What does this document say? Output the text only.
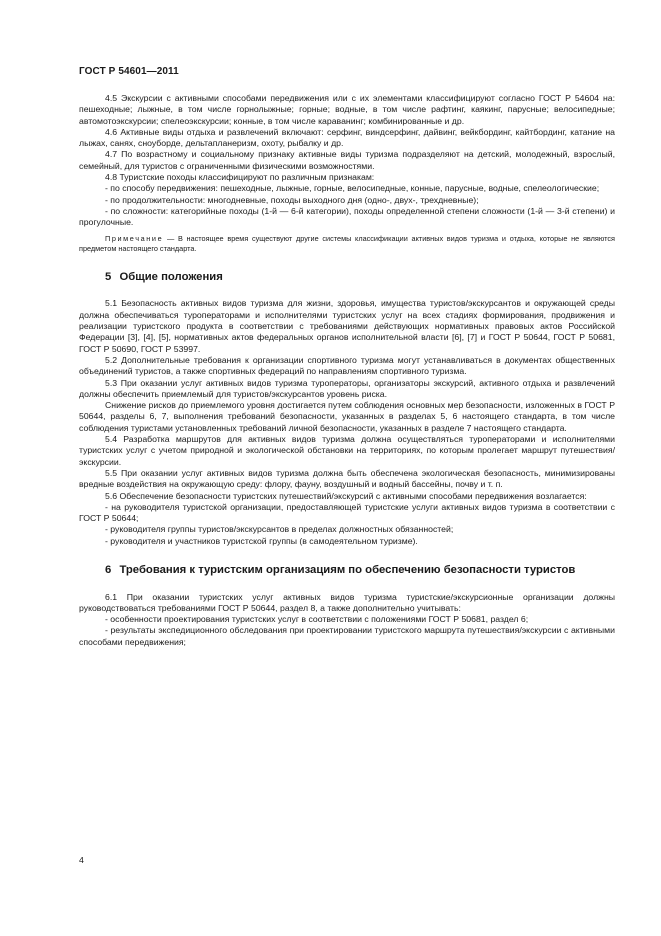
ГОСТ Р 54601—2011

4.5 Экскурсии с активными способами передвижения или с их элементами классифицируют согласно ГОСТ Р 54604 на: пешеходные; лыжные, в том числе горнолыжные; горные; водные, в том числе рафтинг, каякинг, парусные; велосипедные; автомотоэкскурсии; спелеоэкскурсии; конные, в том числе караванинг; комбинированные и др.

4.6 Активные виды отдыха и развлечений включают: серфинг, виндсерфинг, дайвинг, вейкбординг, кайтбординг, катание на лыжах, санях, сноуборде, дельтапланеризм, охоту, рыбалку и др.

4.7 По возрастному и социальному признаку активные виды туризма подразделяют на детский, молодежный, взрослый, семейный, для туристов с ограниченными физическими возможностями.

4.8 Туристские походы классифицируют по различным признакам:

- по способу передвижения: пешеходные, лыжные, горные, велосипедные, конные, парусные, водные, спелеологические;

- по продолжительности: многодневные, походы выходного дня (одно-, двух-, трехдневные);

- по сложности: категорийные походы (1-й — 6-й категории), походы определенной степени сложности (1-й — 3-й степени) и прогулочные.

Примечание — В настоящее время существуют другие системы классификации активных видов туризма и отдыха, которые не являются предметом настоящего стандарта.

5 Общие положения

5.1 Безопасность активных видов туризма для жизни, здоровья, имущества туристов/экскурсантов и окружающей среды должна обеспечиваться туроператорами и исполнителями туристских услуг на всех стадиях формирования, продвижения и реализации туристского продукта в соответствии с требованиями действующих нормативных правовых актов Российской Федерации [3], [4], [5], нормативных актов федеральных органов исполнительной власти [6], [7] и ГОСТ Р 50644, ГОСТ Р 50681, ГОСТ Р 50690, ГОСТ Р 53997.

5.2 Дополнительные требования к организации спортивного туризма могут устанавливаться в документах общественных объединений туристов, а также спортивных федераций по направлениям спортивного туризма.

5.3 При оказании услуг активных видов туризма туроператоры, организаторы экскурсий, активного отдыха и развлечений должны обеспечить приемлемый для туристов/экскурсантов уровень риска.

Снижение рисков до приемлемого уровня достигается путем соблюдения основных мер безопасности, изложенных в ГОСТ Р 50644, разделы 6, 7, выполнения требований безопасности, указанных в разделах 5, 6 настоящего стандарта, в том числе соблюдения туристами установленных требований личной безопасности, указанных в разделе 7 настоящего стандарта.

5.4 Разработка маршрутов для активных видов туризма должна осуществляться туроператорами и исполнителями туристских услуг с учетом природной и экологической обстановки на территориях, по которым пролегает маршрут путешествия/экскурсии.

5.5 При оказании услуг активных видов туризма должна быть обеспечена экологическая безопасность, минимизированы вредные воздействия на окружающую среду: флору, фауну, воздушный и водный бассейны, почву и т. п.

5.6 Обеспечение безопасности туристских путешествий/экскурсий с активными способами передвижения возлагается:

- на руководителя туристской организации, предоставляющей туристские услуги активных видов туризма в соответствии с ГОСТ Р 50644;

- руководителя группы туристов/экскурсантов в пределах должностных обязанностей;

- руководителя и участников туристской группы (в самодеятельном туризме).

6 Требования к туристским организациям по обеспечению безопасности туристов

6.1 При оказании туристских услуг активных видов туризма туристские/экскурсионные организации должны руководствоваться требованиями ГОСТ Р 50644, раздел 8, а также дополнительно учитывать:

- особенности проектирования туристских услуг в соответствии с положениями ГОСТ Р 50681, раздел 6;

- результаты экспедиционного обследования при проектировании туристского маршрута путешествия/экскурсии с активными способами передвижения;

4
